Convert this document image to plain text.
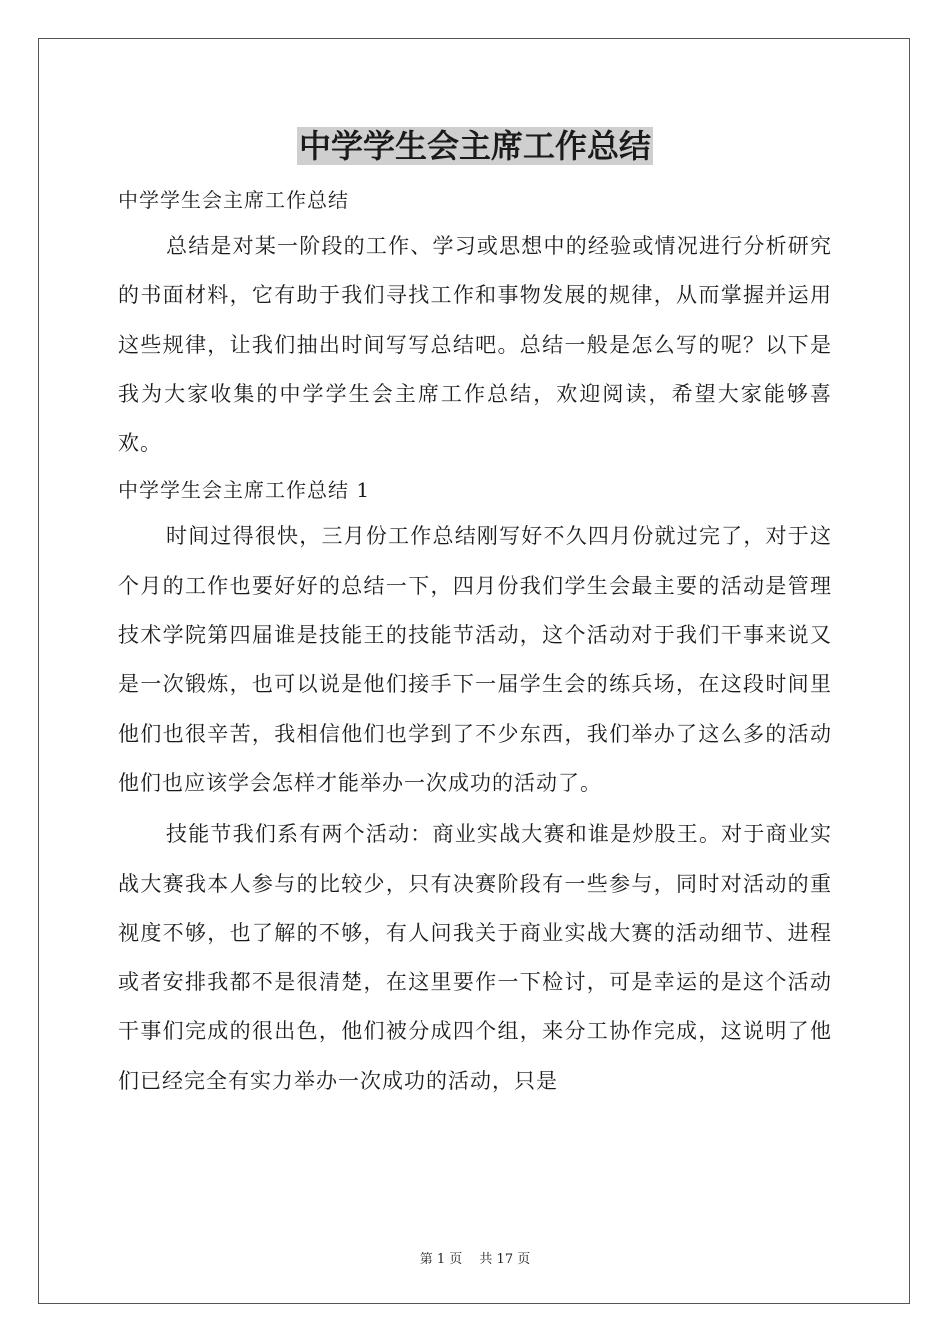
中学学生会主席工作总结

中学学生会主席工作总结

总结是对某一阶段的工作、学习或思想中的经验或情况进行分析研究的书面材料，它有助于我们寻找工作和事物发展的规律，从而掌握并运用这些规律，让我们抽出时间写写总结吧。总结一般是怎么写的呢？以下是我为大家收集的中学学生会主席工作总结，欢迎阅读，希望大家能够喜欢。

中学学生会主席工作总结 1

时间过得很快，三月份工作总结刚写好不久四月份就过完了，对于这个月的工作也要好好的总结一下，四月份我们学生会最主要的活动是管理技术学院第四届谁是技能王的技能节活动，这个活动对于我们干事来说又是一次锻炼，也可以说是他们接手下一届学生会的练兵场，在这段时间里他们也很辛苦，我相信他们也学到了不少东西，我们举办了这么多的活动他们也应该学会怎样才能举办一次成功的活动了。

技能节我们系有两个活动：商业实战大赛和谁是炒股王。对于商业实战大赛我本人参与的比较少，只有决赛阶段有一些参与，同时对活动的重视度不够，也了解的不够，有人问我关于商业实战大赛的活动细节、进程或者安排我都不是很清楚，在这里要作一下检讨，可是幸运的是这个活动干事们完成的很出色，他们被分成四个组，来分工协作完成，这说明了他们已经完全有实力举办一次成功的活动，只是

第 1 页　 共 17 页
